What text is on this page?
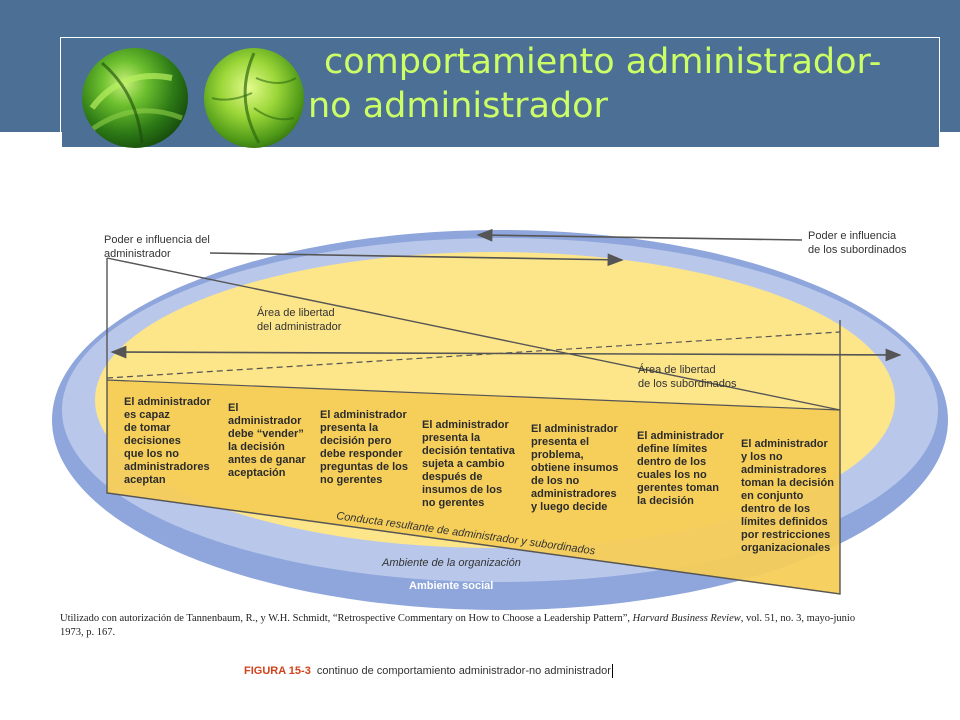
comportamiento administrador-
no administrador
Poder e influencia del administrador
Poder e influencia de los subordinados
Área de libertad del administrador
Área de libertad de los subordinados
El administrador es capaz de tomar decisiones que los no administradores aceptan
El administrador debe “vender” la decisión antes de ganar aceptación
El administrador presenta la decisión pero debe responder preguntas de los no gerentes
El administrador presenta la decisión tentativa sujeta a cambio después de insumos de los no gerentes
El administrador presenta el problema, obtiene insumos de los no administradores y luego decide
El administrador define límites dentro de los cuales los no gerentes toman la decisión
El administrador y los no administradores toman la decisión en conjunto dentro de los límites definidos por restricciones organizacionales
Conducta resultante de administrador y subordinados
Ambiente de la organización
Ambiente social
Utilizado con autorización de Tannenbaum, R., y W.H. Schmidt, “Retrospective Commentary on How to Choose a Leadership Pattern”, Harvard Business Review, vol. 51, no. 3, mayo-junio 1973, p. 167.
FIGURA 15-3 continuo de comportamiento administrador-no administrador
